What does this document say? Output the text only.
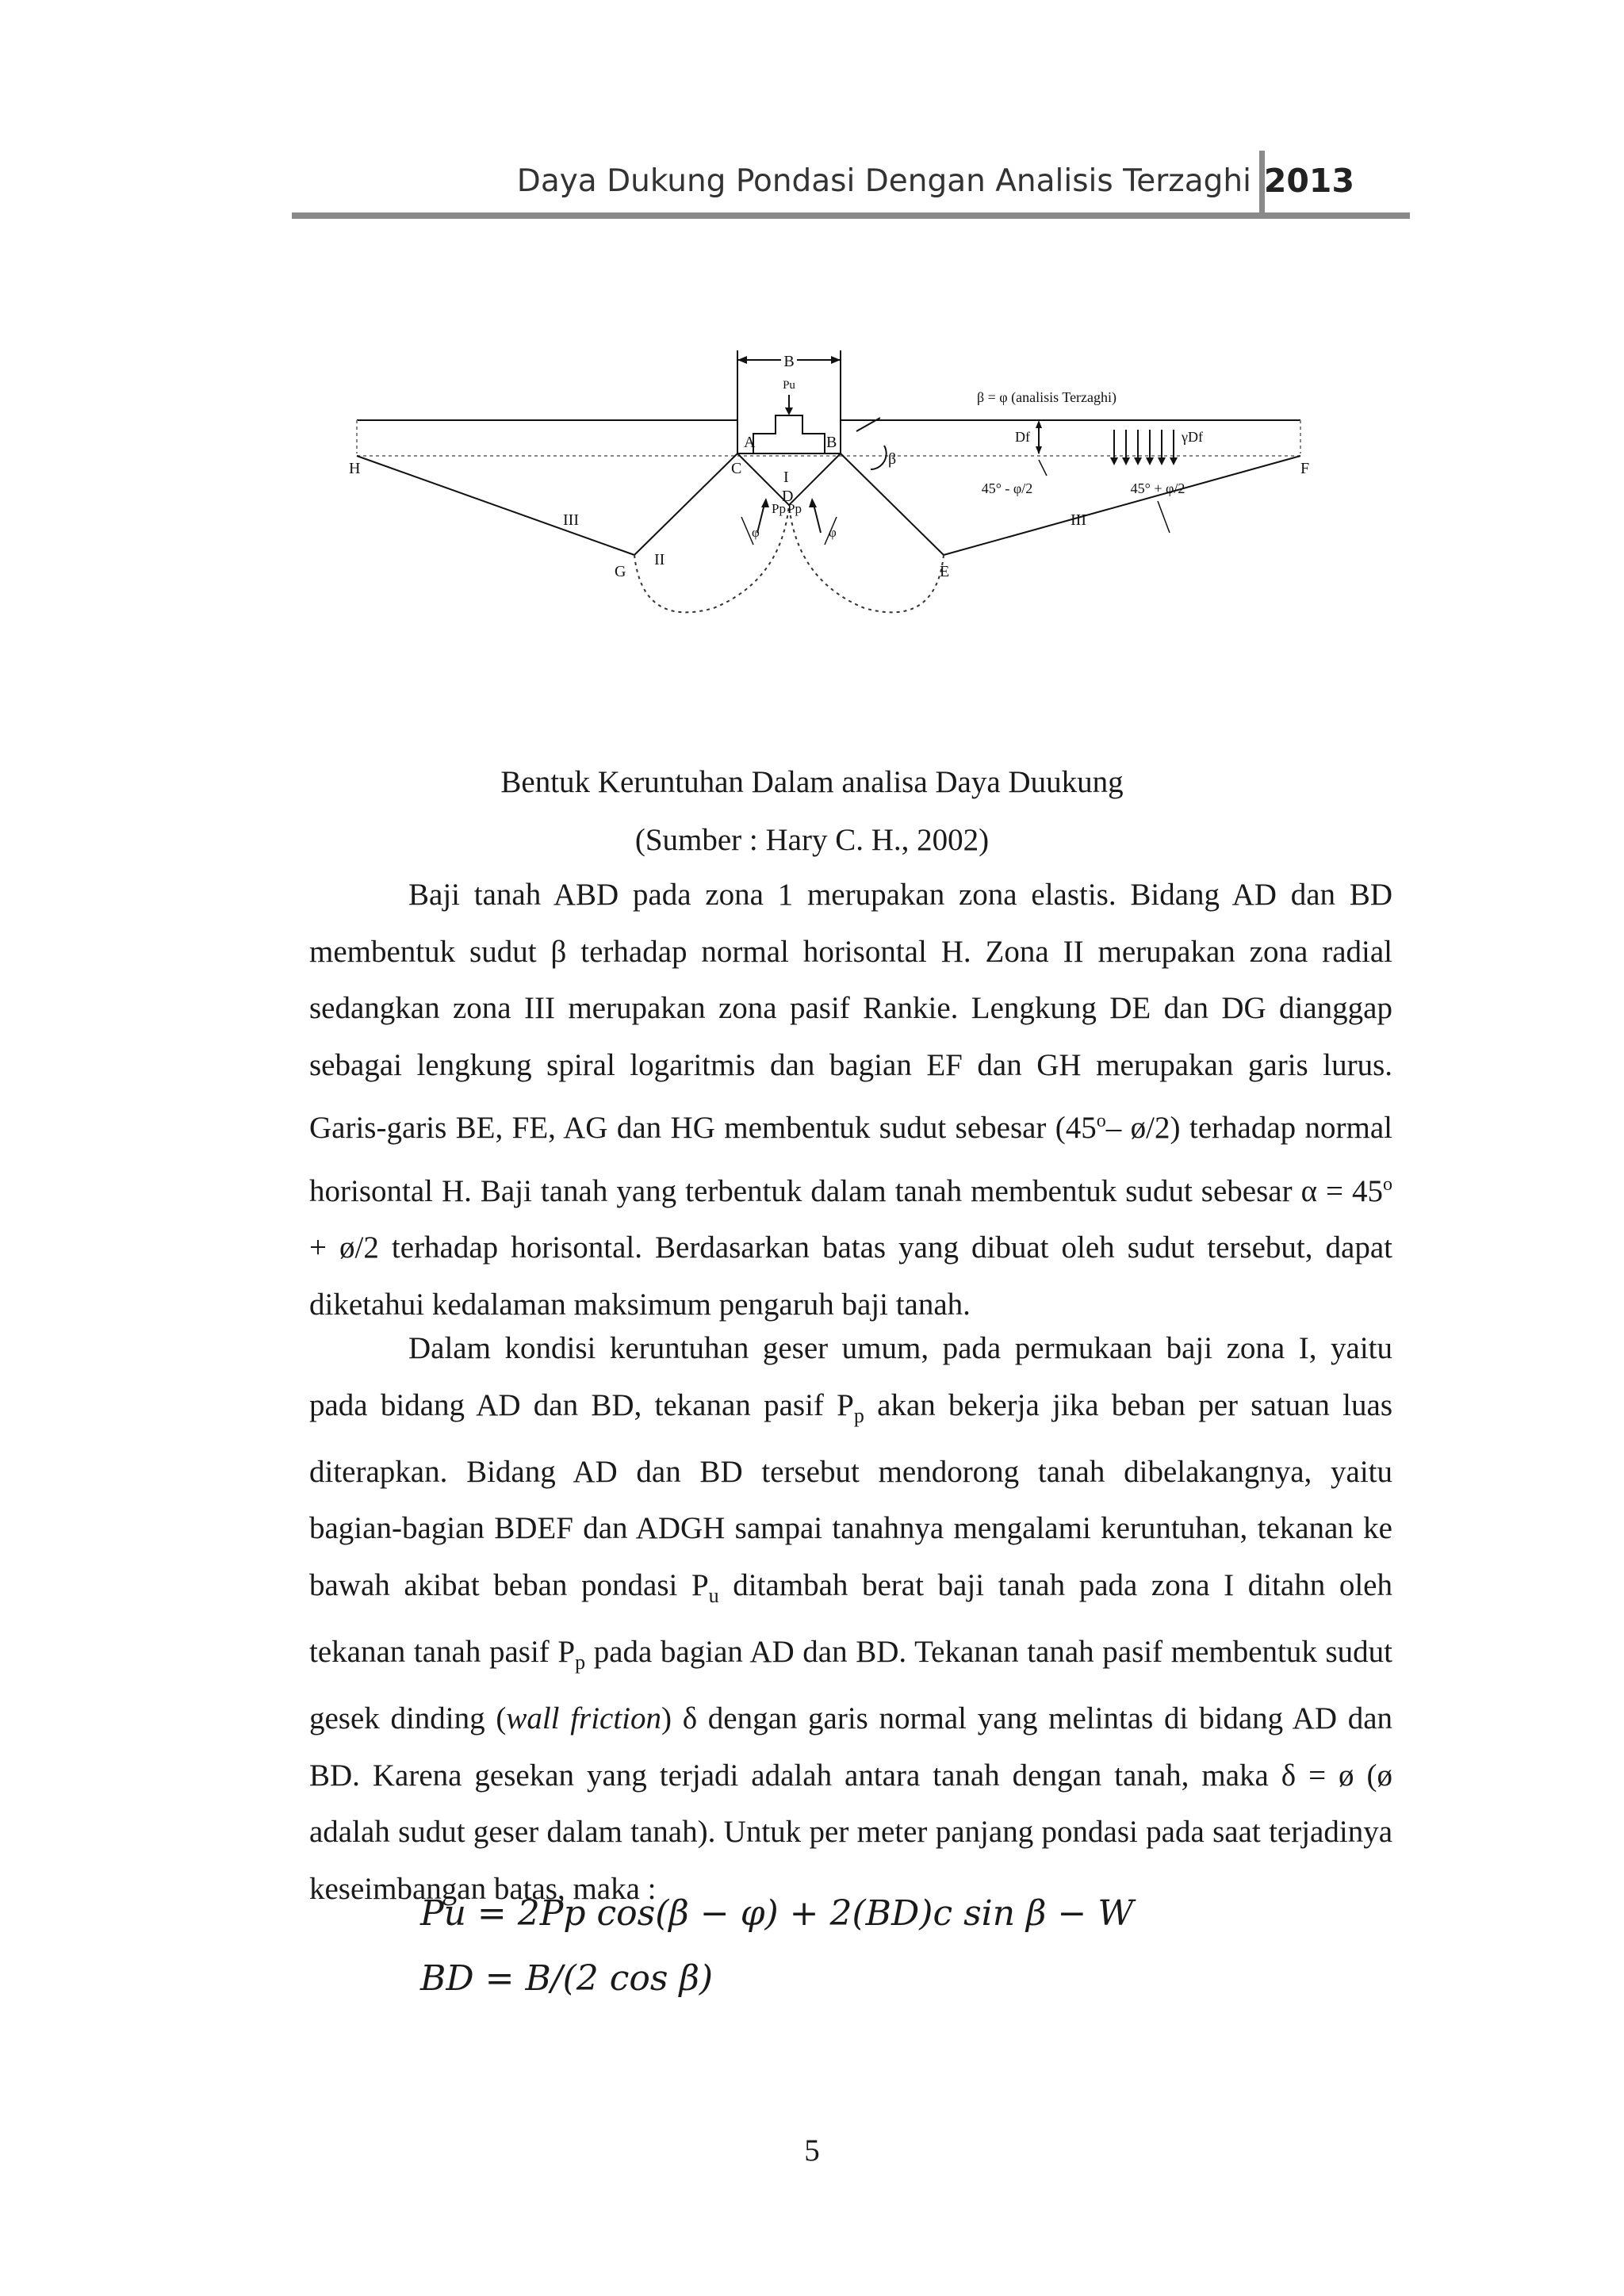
Daya Dukung Pondasi Dengan Analisis Terzaghi 2013
B
Pu
γDf
β = φ (analisis Terzaghi)
Df
β
45° - φ/2	45° + φ/2
Pp Pp
φ	φ
A	B
C	I
D
H	F
G	E
III
II
III
Bentuk Keruntuhan Dalam analisa Daya Duukung
(Sumber : Hary C. H., 2002)

Baji tanah ABD pada zona 1 merupakan zona elastis. Bidang AD dan BD membentuk sudut β terhadap normal horisontal H. Zona II merupakan zona radial sedangkan zona III merupakan zona pasif Rankie. Lengkung DE dan DG dianggap sebagai lengkung spiral logaritmis dan bagian EF dan GH merupakan garis lurus. Garis-garis BE, FE, AG dan HG membentuk sudut sebesar (45$^o$– ø/2) terhadap normal horisontal H. Baji tanah yang terbentuk dalam tanah membentuk sudut sebesar $\alpha = 45^o$ + ø/2 terhadap horisontal. Berdasarkan batas yang dibuat oleh sudut tersebut, dapat diketahui kedalaman maksimum pengaruh baji tanah.

Dalam kondisi keruntuhan geser umum, pada permukaan baji zona I, yaitu pada bidang AD dan BD, tekanan pasif $P_p$ akan bekerja jika beban per satuan luas diterapkan. Bidang AD dan BD tersebut mendorong tanah dibelakangnya, yaitu bagian-bagian BDEF dan ADGH sampai tanahnya mengalami keruntuhan, tekanan ke bawah akibat beban pondasi $P_u$ ditambah berat baji tanah pada zona I ditahn oleh tekanan tanah pasif $P_p$ pada bagian AD dan BD. Tekanan tanah pasif membentuk sudut gesek dinding (wall friction) δ dengan garis normal yang melintas di bidang AD dan BD. Karena gesekan yang terjadi adalah antara tanah dengan tanah, maka δ = ø (ø adalah sudut geser dalam tanah). Untuk per meter panjang pondasi pada saat terjadinya keseimbangan batas, maka :

Pu = 2Pp cos(β − φ) + 2(BD)c sin β − W
BD = B/(2 cos β)
5
